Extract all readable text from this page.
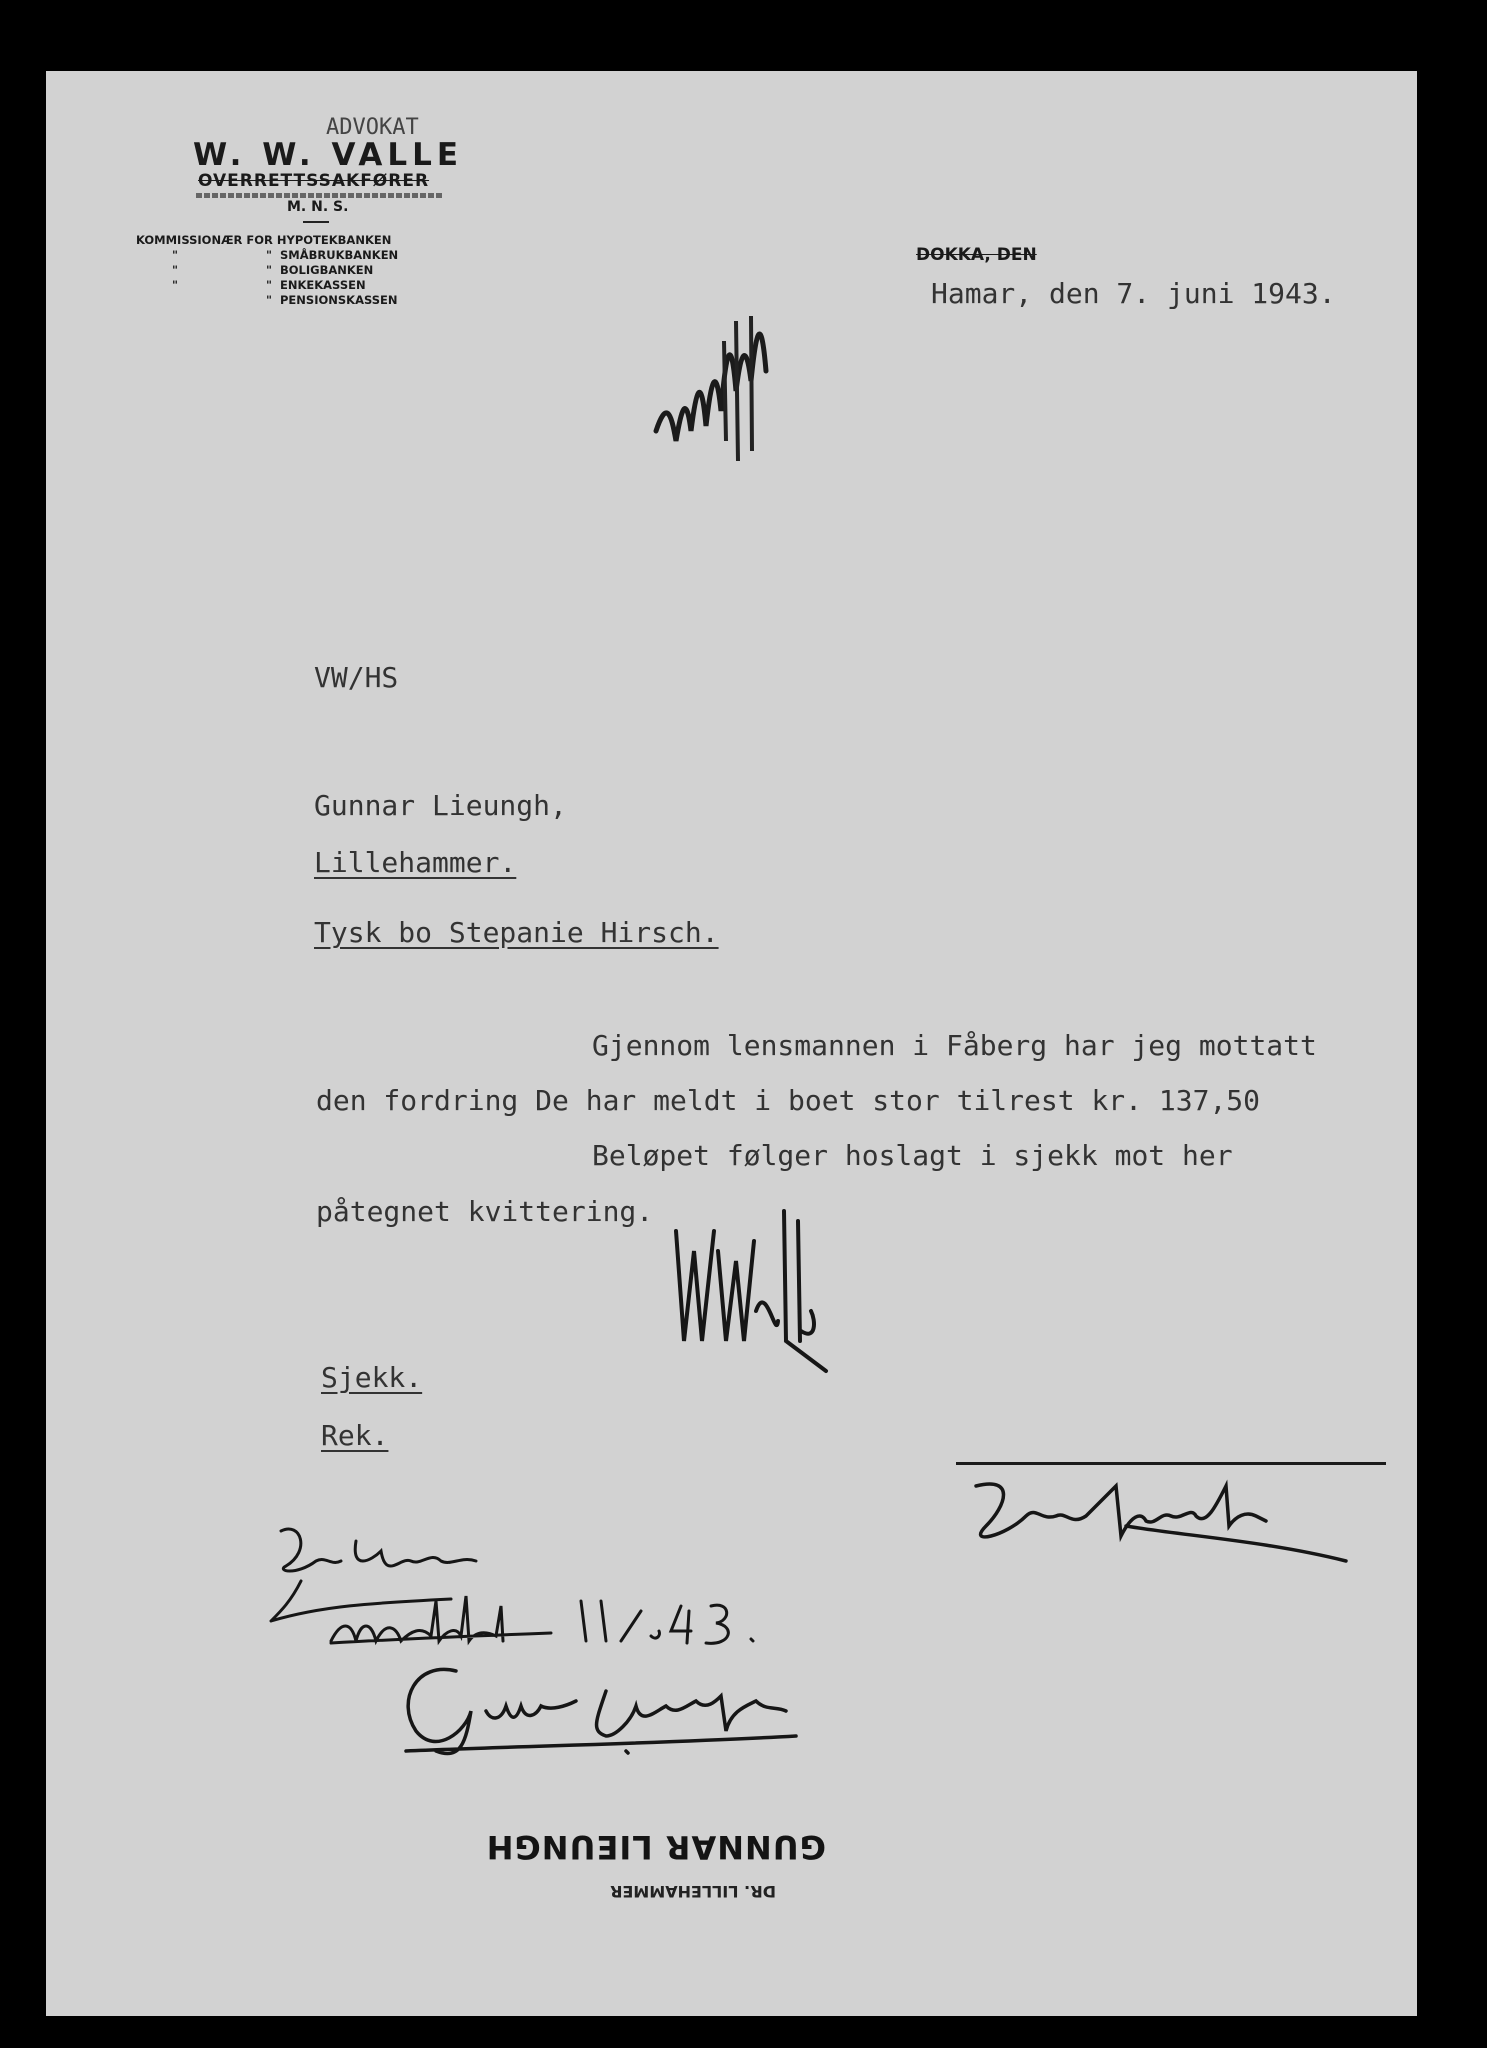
ADVOKAT
W. W. VALLE
OVERRETTSSAKFØRER
M. N. S.
KOMMISSIONÆR FOR HYPOTEKBANKEN
"	" SMÅBRUKBANKEN
"	" BOLIGBANKEN
"	" ENKEKASSEN
" PENSIONSKASSEN
DOKKA, DEN
Hamar, den 7. juni 1943.
VW/HS
Gunnar Lieungh,
Lillehammer.
Tysk bo Stepanie Hirsch.
Gjennom lensmannen i Fåberg har jeg mottatt
den fordring De har meldt i boet stor tilrest kr. 137,50
Beløpet følger hoslagt i sjekk mot her
påtegnet kvittering.
Sjekk.
Rek.
GUNNAR LIEUNGH
DR. LILLEHAMMER
